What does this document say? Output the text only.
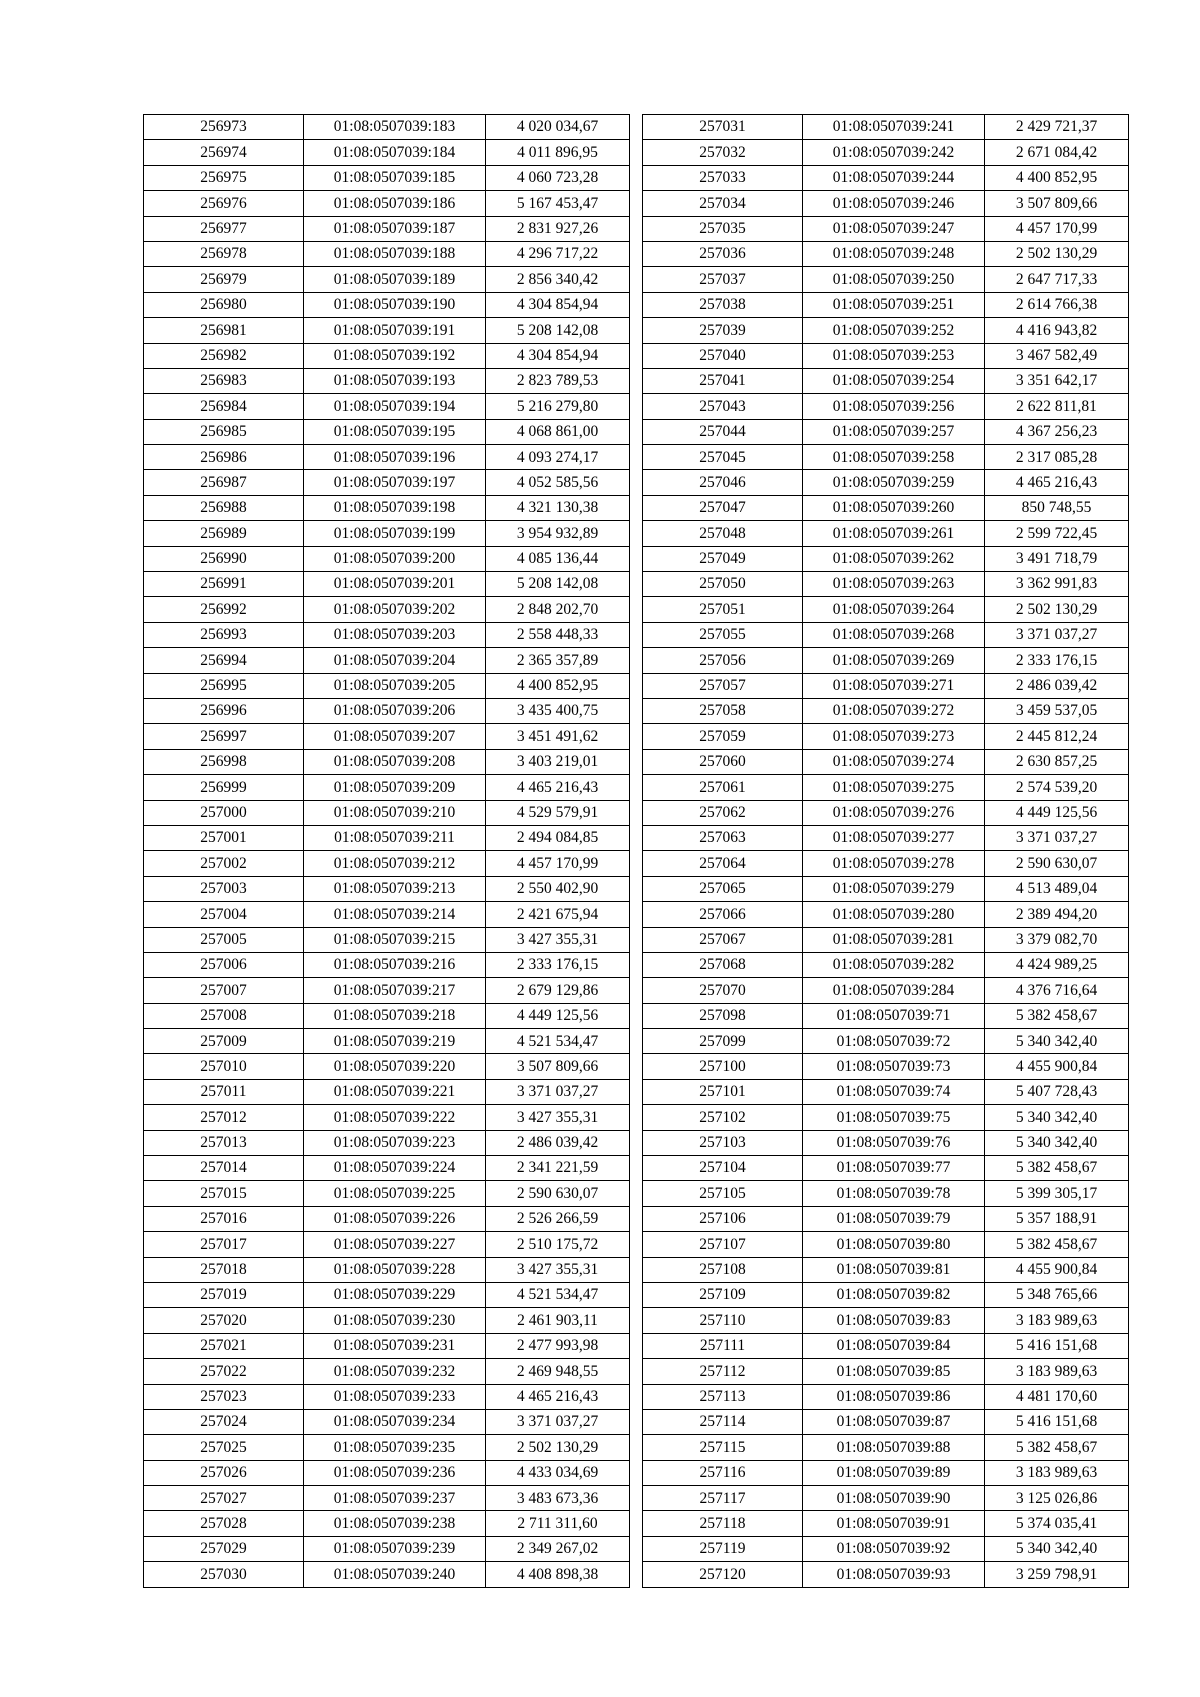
256973	01:08:0507039:183	4 020 034,67
256974	01:08:0507039:184	4 011 896,95
256975	01:08:0507039:185	4 060 723,28
256976	01:08:0507039:186	5 167 453,47
256977	01:08:0507039:187	2 831 927,26
256978	01:08:0507039:188	4 296 717,22
256979	01:08:0507039:189	2 856 340,42
256980	01:08:0507039:190	4 304 854,94
256981	01:08:0507039:191	5 208 142,08
256982	01:08:0507039:192	4 304 854,94
256983	01:08:0507039:193	2 823 789,53
256984	01:08:0507039:194	5 216 279,80
256985	01:08:0507039:195	4 068 861,00
256986	01:08:0507039:196	4 093 274,17
256987	01:08:0507039:197	4 052 585,56
256988	01:08:0507039:198	4 321 130,38
256989	01:08:0507039:199	3 954 932,89
256990	01:08:0507039:200	4 085 136,44
256991	01:08:0507039:201	5 208 142,08
256992	01:08:0507039:202	2 848 202,70
256993	01:08:0507039:203	2 558 448,33
256994	01:08:0507039:204	2 365 357,89
256995	01:08:0507039:205	4 400 852,95
256996	01:08:0507039:206	3 435 400,75
256997	01:08:0507039:207	3 451 491,62
256998	01:08:0507039:208	3 403 219,01
256999	01:08:0507039:209	4 465 216,43
257000	01:08:0507039:210	4 529 579,91
257001	01:08:0507039:211	2 494 084,85
257002	01:08:0507039:212	4 457 170,99
257003	01:08:0507039:213	2 550 402,90
257004	01:08:0507039:214	2 421 675,94
257005	01:08:0507039:215	3 427 355,31
257006	01:08:0507039:216	2 333 176,15
257007	01:08:0507039:217	2 679 129,86
257008	01:08:0507039:218	4 449 125,56
257009	01:08:0507039:219	4 521 534,47
257010	01:08:0507039:220	3 507 809,66
257011	01:08:0507039:221	3 371 037,27
257012	01:08:0507039:222	3 427 355,31
257013	01:08:0507039:223	2 486 039,42
257014	01:08:0507039:224	2 341 221,59
257015	01:08:0507039:225	2 590 630,07
257016	01:08:0507039:226	2 526 266,59
257017	01:08:0507039:227	2 510 175,72
257018	01:08:0507039:228	3 427 355,31
257019	01:08:0507039:229	4 521 534,47
257020	01:08:0507039:230	2 461 903,11
257021	01:08:0507039:231	2 477 993,98
257022	01:08:0507039:232	2 469 948,55
257023	01:08:0507039:233	4 465 216,43
257024	01:08:0507039:234	3 371 037,27
257025	01:08:0507039:235	2 502 130,29
257026	01:08:0507039:236	4 433 034,69
257027	01:08:0507039:237	3 483 673,36
257028	01:08:0507039:238	2 711 311,60
257029	01:08:0507039:239	2 349 267,02
257030	01:08:0507039:240	4 408 898,38
257031	01:08:0507039:241	2 429 721,37
257032	01:08:0507039:242	2 671 084,42
257033	01:08:0507039:244	4 400 852,95
257034	01:08:0507039:246	3 507 809,66
257035	01:08:0507039:247	4 457 170,99
257036	01:08:0507039:248	2 502 130,29
257037	01:08:0507039:250	2 647 717,33
257038	01:08:0507039:251	2 614 766,38
257039	01:08:0507039:252	4 416 943,82
257040	01:08:0507039:253	3 467 582,49
257041	01:08:0507039:254	3 351 642,17
257043	01:08:0507039:256	2 622 811,81
257044	01:08:0507039:257	4 367 256,23
257045	01:08:0507039:258	2 317 085,28
257046	01:08:0507039:259	4 465 216,43
257047	01:08:0507039:260	850 748,55
257048	01:08:0507039:261	2 599 722,45
257049	01:08:0507039:262	3 491 718,79
257050	01:08:0507039:263	3 362 991,83
257051	01:08:0507039:264	2 502 130,29
257055	01:08:0507039:268	3 371 037,27
257056	01:08:0507039:269	2 333 176,15
257057	01:08:0507039:271	2 486 039,42
257058	01:08:0507039:272	3 459 537,05
257059	01:08:0507039:273	2 445 812,24
257060	01:08:0507039:274	2 630 857,25
257061	01:08:0507039:275	2 574 539,20
257062	01:08:0507039:276	4 449 125,56
257063	01:08:0507039:277	3 371 037,27
257064	01:08:0507039:278	2 590 630,07
257065	01:08:0507039:279	4 513 489,04
257066	01:08:0507039:280	2 389 494,20
257067	01:08:0507039:281	3 379 082,70
257068	01:08:0507039:282	4 424 989,25
257070	01:08:0507039:284	4 376 716,64
257098	01:08:0507039:71	5 382 458,67
257099	01:08:0507039:72	5 340 342,40
257100	01:08:0507039:73	4 455 900,84
257101	01:08:0507039:74	5 407 728,43
257102	01:08:0507039:75	5 340 342,40
257103	01:08:0507039:76	5 340 342,40
257104	01:08:0507039:77	5 382 458,67
257105	01:08:0507039:78	5 399 305,17
257106	01:08:0507039:79	5 357 188,91
257107	01:08:0507039:80	5 382 458,67
257108	01:08:0507039:81	4 455 900,84
257109	01:08:0507039:82	5 348 765,66
257110	01:08:0507039:83	3 183 989,63
257111	01:08:0507039:84	5 416 151,68
257112	01:08:0507039:85	3 183 989,63
257113	01:08:0507039:86	4 481 170,60
257114	01:08:0507039:87	5 416 151,68
257115	01:08:0507039:88	5 382 458,67
257116	01:08:0507039:89	3 183 989,63
257117	01:08:0507039:90	3 125 026,86
257118	01:08:0507039:91	5 374 035,41
257119	01:08:0507039:92	5 340 342,40
257120	01:08:0507039:93	3 259 798,91
